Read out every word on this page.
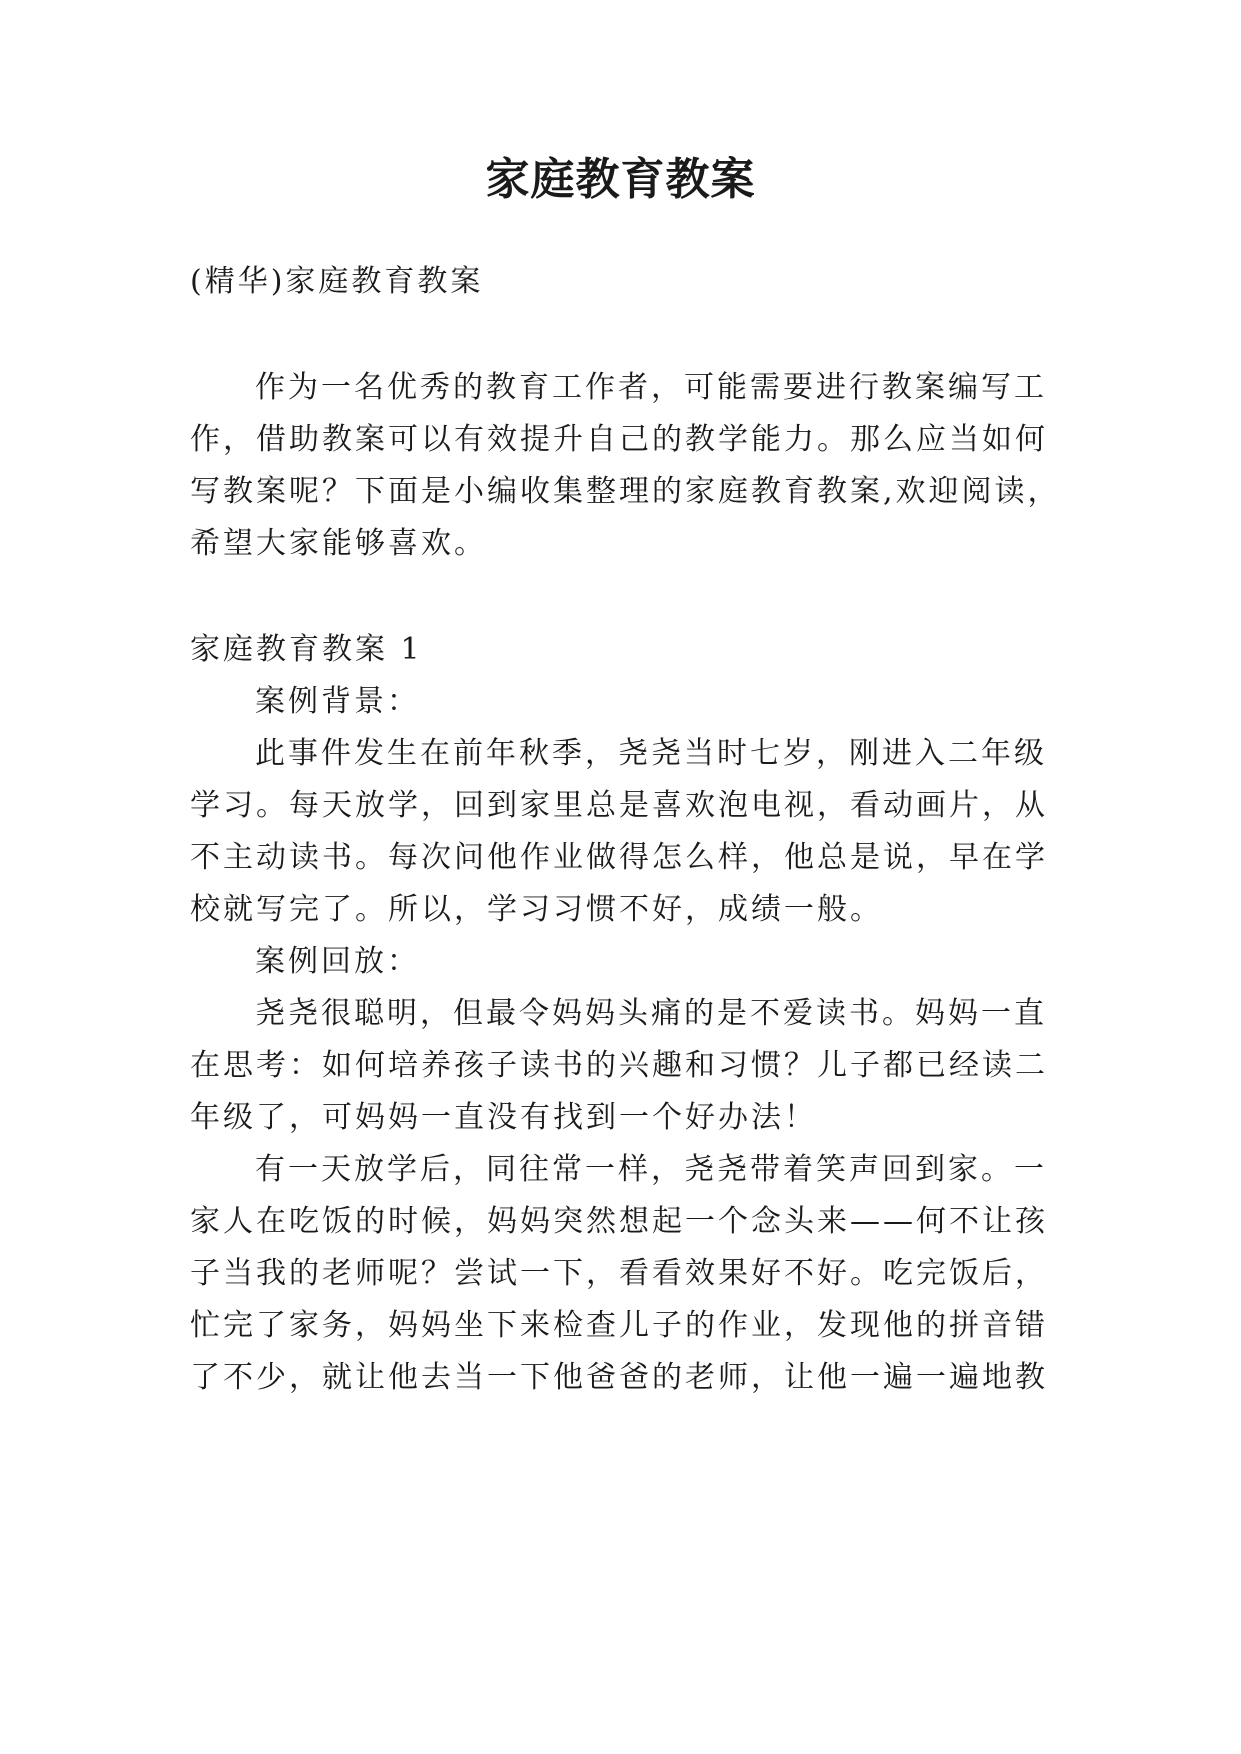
家庭教育教案
(精华)家庭教育教案
作为一名优秀的教育工作者，可能需要进行教案编写工
作，借助教案可以有效提升自己的教学能力。那么应当如何
写教案呢？下面是小编收集整理的家庭教育教案,欢迎阅读，
希望大家能够喜欢。
家庭教育教案 1
案例背景：
此事件发生在前年秋季，尧尧当时七岁，刚进入二年级
学习。每天放学，回到家里总是喜欢泡电视，看动画片，从
不主动读书。每次问他作业做得怎么样，他总是说，早在学
校就写完了。所以，学习习惯不好，成绩一般。
案例回放：
尧尧很聪明，但最令妈妈头痛的是不爱读书。妈妈一直
在思考：如何培养孩子读书的兴趣和习惯？儿子都已经读二
年级了，可妈妈一直没有找到一个好办法！
有一天放学后，同往常一样，尧尧带着笑声回到家。一
家人在吃饭的时候，妈妈突然想起一个念头来——何不让孩
子当我的老师呢？尝试一下，看看效果好不好。吃完饭后，
忙完了家务，妈妈坐下来检查儿子的作业，发现他的拼音错
了不少，就让他去当一下他爸爸的老师，让他一遍一遍地教
